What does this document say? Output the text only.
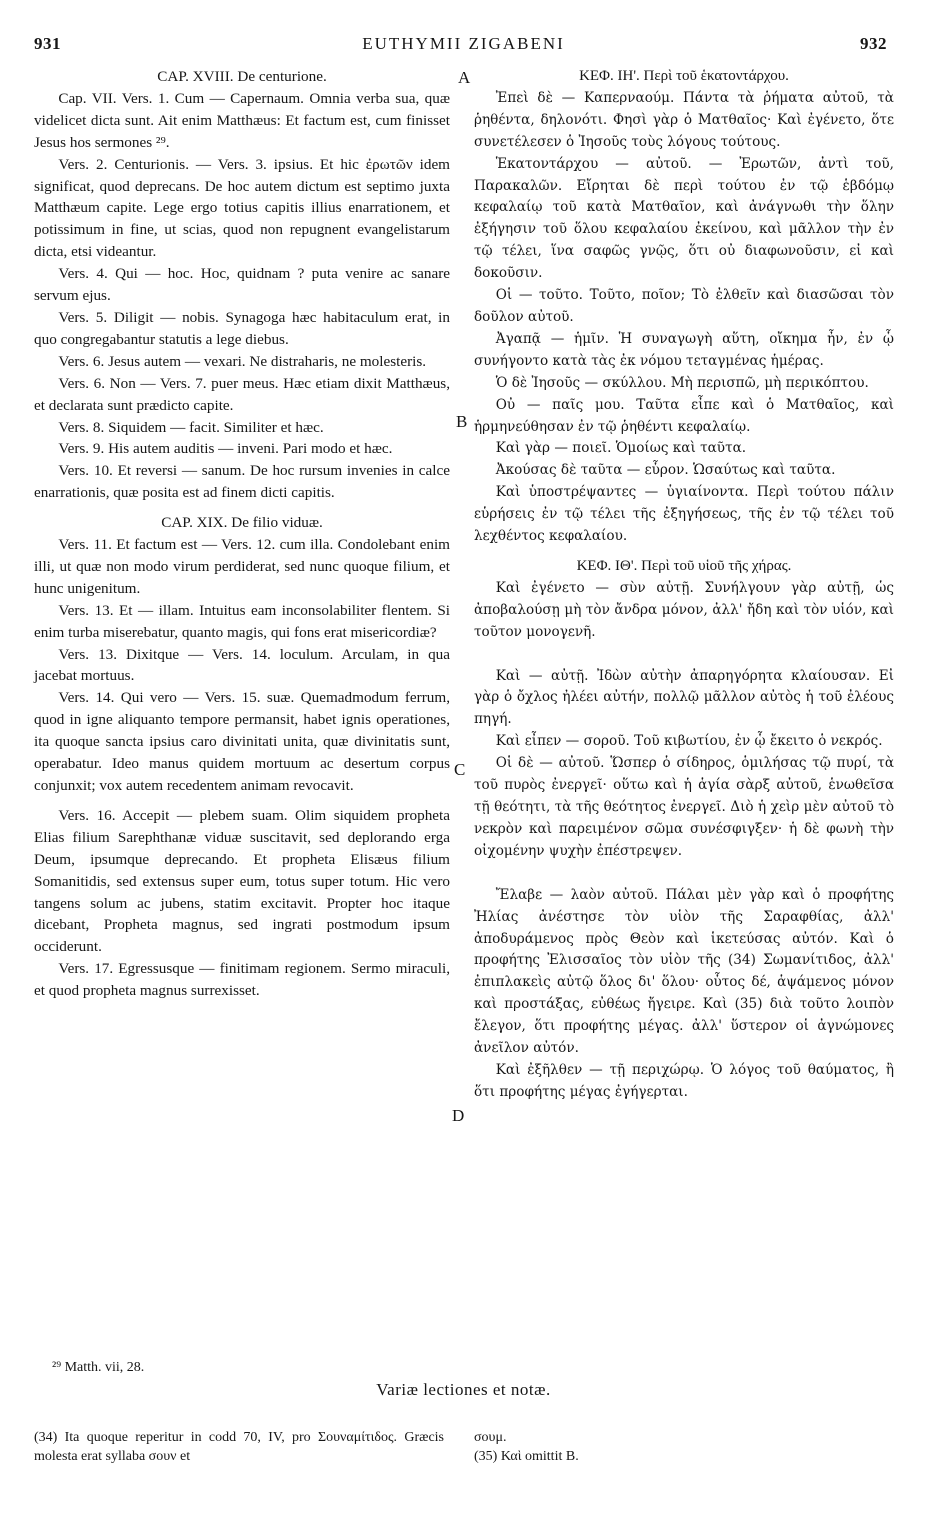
931	EUTHYMII ZIGABENI	932

CAP. XVIII. De centurione.

Cap. VII. Vers. 1. Cum — Capernaum. Omnia verba sua, quæ videlicet dicta sunt. Ait enim Matthæus: Et factum est, cum finisset Jesus hos sermones ²⁹.

Vers. 2. Centurionis. — Vers. 3. ipsius. Et hic ἐρωτῶν idem significat, quod deprecans. De hoc autem dictum est septimo juxta Matthæum capite. Lege ergo totius capitis illius enarrationem, et potissimum in fine, ut scias, quod non repugnent evangelistarum dicta, etsi videantur.

Vers. 4. Qui — hoc. Hoc, quidnam ? puta venire ac sanare servum ejus.

Vers. 5. Diligit — nobis. Synagoga hæc habitaculum erat, in quo congregabantur statutis a lege diebus.

Vers. 6. Jesus autem — vexari. Ne distraharis, ne molesteris.

Vers. 6. Non — Vers. 7. puer meus. Hæc etiam dixit Matthæus, et declarata sunt prædicto capite.

Vers. 8. Siquidem — facit. Similiter et hæc.

Vers. 9. His autem auditis — inveni. Pari modo et hæc.

Vers. 10. Et reversi — sanum. De hoc rursum invenies in calce enarrationis, quæ posita est ad finem dicti capitis.

CAP. XIX. De filio viduæ.

Vers. 11. Et factum est — Vers. 12. cum illa. Condolebant enim illi, ut quæ non modo virum perdiderat, sed nunc quoque filium, et hunc unigenitum.

Vers. 13. Et — illam. Intuitus eam inconsolabiliter flentem. Si enim turba miserebatur, quanto magis, qui fons erat misericordiæ?

Vers. 13. Dixitque — Vers. 14. loculum. Arculam, in qua jacebat mortuus.

Vers. 14. Qui vero — Vers. 15. suæ. Quemadmodum ferrum, quod in igne aliquanto tempore permansit, habet ignis operationes, ita quoque sancta ipsius caro divinitati unita, quæ divinitatis sunt, operabatur. Ideo manus quidem mortuum ac desertum corpus conjunxit; vox autem recedentem animam revocavit.

Vers. 16. Accepit — plebem suam. Olim siquidem propheta Elias filium Sarephthanæ viduæ suscitavit, sed deplorando erga Deum, ipsumque deprecando. Et propheta Elisæus filium Somanitidis, sed extensus super eum, totus super totum. Hic vero tangens solum ac jubens, statim excitavit. Propter hoc itaque dicebant, Propheta magnus, sed ingrati postmodum ipsum occiderunt.

Vers. 17. Egressusque — finitimam regionem. Sermo miraculi, et quod propheta magnus surrexisset.

ΚΕΦ. ΙΗ'. Περὶ τοῦ ἑκατοντάρχου.

Ἐπεὶ δὲ — Καπερναούμ. Πάντα τὰ ῥήματα αὐτοῦ, τὰ ῥηθέντα, δηλονότι. Φησὶ γὰρ ὁ Ματθαῖος· Καὶ ἐγένετο, ὅτε συνετέλεσεν ὁ Ἰησοῦς τοὺς λόγους τούτους.

Ἑκατοντάρχου — αὐτοῦ. — Ἐρωτῶν, ἀντὶ τοῦ, Παρακαλῶν. Εἴρηται δὲ περὶ τούτου ἐν τῷ ἑβδόμῳ κεφαλαίῳ τοῦ κατὰ Ματθαῖον, καὶ ἀνάγνωθι τὴν ὅλην ἐξήγησιν τοῦ ὅλου κεφαλαίου ἐκείνου, καὶ μᾶλλον τὴν ἐν τῷ τέλει, ἵνα σαφῶς γνῷς, ὅτι οὐ διαφωνοῦσιν, εἰ καὶ δοκοῦσιν.

Οἱ — τοῦτο. Τοῦτο, ποῖον; Τὸ ἐλθεῖν καὶ διασῶσαι τὸν δοῦλον αὐτοῦ.

Ἀγαπᾷ — ἡμῖν. Ἡ συναγωγὴ αὕτη, οἴκημα ἦν, ἐν ᾧ συνήγοντο κατὰ τὰς ἐκ νόμου τεταγμένας ἡμέρας.

Ὁ δὲ Ἰησοῦς — σκύλλου. Μὴ περισπῶ, μὴ περικόπτου.

Οὐ — παῖς μου. Ταῦτα εἶπε καὶ ὁ Ματθαῖος, καὶ ἡρμηνεύθησαν ἐν τῷ ῥηθέντι κεφαλαίῳ.

Καὶ γὰρ — ποιεῖ. Ὁμοίως καὶ ταῦτα.

Ἀκούσας δὲ ταῦτα — εὗρον. Ὡσαύτως καὶ ταῦτα.

Καὶ ὑποστρέψαντες — ὑγιαίνοντα. Περὶ τούτου πάλιν εὑρήσεις ἐν τῷ τέλει τῆς ἐξηγήσεως, τῆς ἐν τῷ τέλει τοῦ λεχθέντος κεφαλαίου.

ΚΕΦ. ΙΘ'. Περὶ τοῦ υἱοῦ τῆς χήρας.

Καὶ ἐγένετο — σὺν αὐτῇ. Συνήλγουν γὰρ αὐτῇ, ὡς ἀποβαλούσῃ μὴ τὸν ἄνδρα μόνον, ἀλλ' ἤδη καὶ τὸν υἱόν, καὶ τοῦτον μονογενῆ.

Καὶ — αὐτῇ. Ἰδὼν αὐτὴν ἀπαρηγόρητα κλαίουσαν. Εἰ γὰρ ὁ ὄχλος ἠλέει αὐτήν, πολλῷ μᾶλλον αὐτὸς ἡ τοῦ ἐλέους πηγή.

Καὶ εἶπεν — σοροῦ. Τοῦ κιβωτίου, ἐν ᾧ ἔκειτο ὁ νεκρός.

Οἱ δὲ — αὐτοῦ. Ὥσπερ ὁ σίδηρος, ὁμιλήσας τῷ πυρί, τὰ τοῦ πυρὸς ἐνεργεῖ· οὕτω καὶ ἡ ἁγία σὰρξ αὐτοῦ, ἑνωθεῖσα τῇ θεότητι, τὰ τῆς θεότητος ἐνεργεῖ. Διὸ ἡ χεὶρ μὲν αὐτοῦ τὸ νεκρὸν καὶ παρειμένον σῶμα συνέσφιγξεν· ἡ δὲ φωνὴ τὴν οἰχομένην ψυχὴν ἐπέστρεψεν.

Ἔλαβε — λαὸν αὐτοῦ. Πάλαι μὲν γὰρ καὶ ὁ προφήτης Ἠλίας ἀνέστησε τὸν υἱὸν τῆς Σαραφθίας, ἀλλ' ἀποδυράμενος πρὸς Θεὸν καὶ ἱκετεύσας αὐτόν. Καὶ ὁ προφήτης Ἐλισσαῖος τὸν υἱὸν τῆς (34) Σωμανίτιδος, ἀλλ' ἐπιπλακεὶς αὐτῷ ὅλος δι' ὅλου· οὗτος δέ, ἁψάμενος μόνον καὶ προστάξας, εὐθέως ἤγειρε. Καὶ (35) διὰ τοῦτο λοιπὸν ἔλεγον, ὅτι προφήτης μέγας. ἀλλ' ὕστερον οἱ ἀγνώμονες ἀνεῖλον αὐτόν.

Καὶ ἐξῆλθεν — τῇ περιχώρῳ. Ὁ λόγος τοῦ θαύματος, ἢ ὅτι προφήτης μέγας ἐγήγερται.

A
B
C
D
²⁹ Matth. vii, 28.
Variæ lectiones et notæ.
(34) Ita quoque reperitur in codd 70, IV, pro Σουναμίτιδος. Græcis molesta erat syllaba σουν et
σουμ.
(35) Καὶ omittit B.
